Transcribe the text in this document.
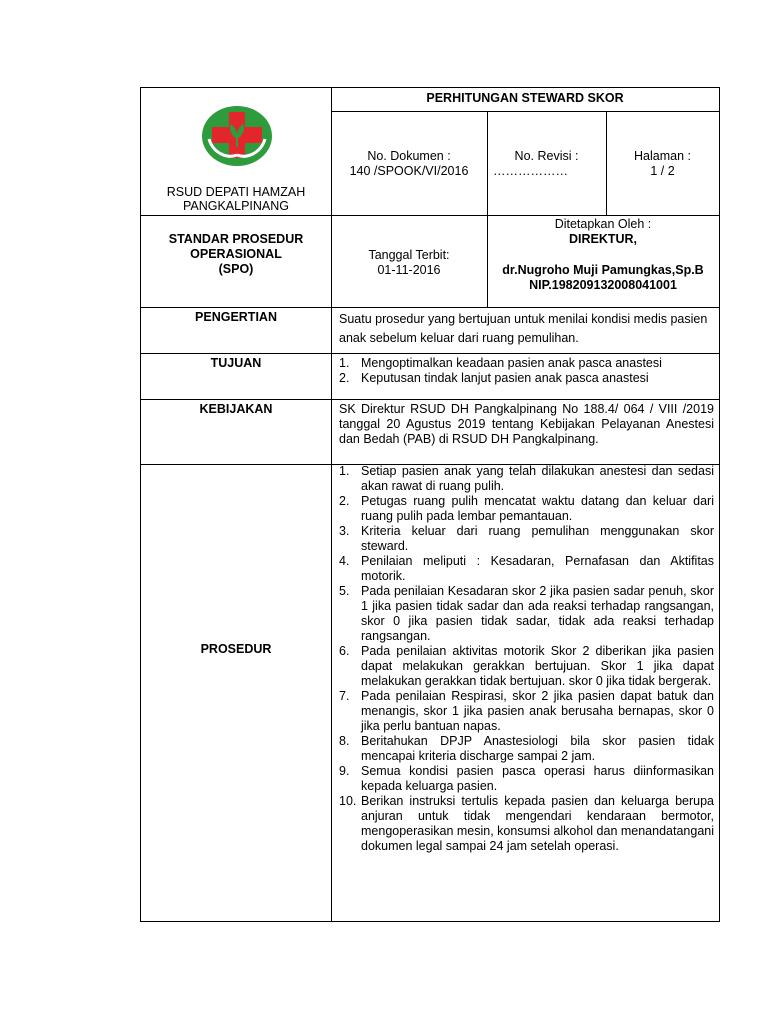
RSUD DEPATI HAMZAH PANGKALPINANG
PERHITUNGAN STEWARD SKOR
No. Dokumen :
140 /SPOOK/VI/2016
No. Revisi :
………………
Halaman :
1 / 2
STANDAR PROSEDUR
OPERASIONAL
(SPO)
Tanggal Terbit:
01-11-2016
Ditetapkan Oleh :
DIREKTUR,
dr.Nugroho Muji Pamungkas,Sp.B
NIP.198209132008041001
PENGERTIAN	Suatu prosedur yang bertujuan untuk menilai kondisi medis pasien anak sebelum keluar dari ruang pemulihan.
TUJUAN	1. Mengoptimalkan keadaan pasien anak pasca anastesi
2. Keputusan tindak lanjut pasien anak pasca anastesi
KEBIJAKAN	SK Direktur RSUD DH Pangkalpinang No 188.4/ 064 / VIII /2019 tanggal 20 Agustus 2019 tentang Kebijakan Pelayanan Anestesi dan Bedah (PAB) di RSUD DH Pangkalpinang.
PROSEDUR
1. Setiap pasien anak yang telah dilakukan anestesi dan sedasi akan rawat di ruang pulih.
2. Petugas ruang pulih mencatat waktu datang dan keluar dari ruang pulih pada lembar pemantauan.
3. Kriteria keluar dari ruang pemulihan menggunakan skor steward.
4. Penilaian meliputi : Kesadaran, Pernafasan dan Aktifitas motorik.
5. Pada penilaian Kesadaran skor 2 jika pasien sadar penuh, skor 1 jika pasien tidak sadar dan ada reaksi terhadap rangsangan, skor 0 jika pasien tidak sadar, tidak ada reaksi terhadap rangsangan.
6. Pada penilaian aktivitas motorik Skor 2 diberikan jika pasien dapat melakukan gerakkan bertujuan. Skor 1 jika dapat melakukan gerakkan tidak bertujuan. skor 0 jika tidak bergerak.
7. Pada penilaian Respirasi, skor 2 jika pasien dapat batuk dan menangis, skor 1 jika pasien anak berusaha bernapas, skor 0 jika perlu bantuan napas.
8. Beritahukan DPJP Anastesiologi bila skor pasien tidak mencapai kriteria discharge sampai 2 jam.
9. Semua kondisi pasien pasca operasi harus diinformasikan kepada keluarga pasien.
10. Berikan instruksi tertulis kepada pasien dan keluarga berupa anjuran untuk tidak mengendari kendaraan bermotor, mengoperasikan mesin, konsumsi alkohol dan menandatangani dokumen legal sampai 24 jam setelah operasi.
